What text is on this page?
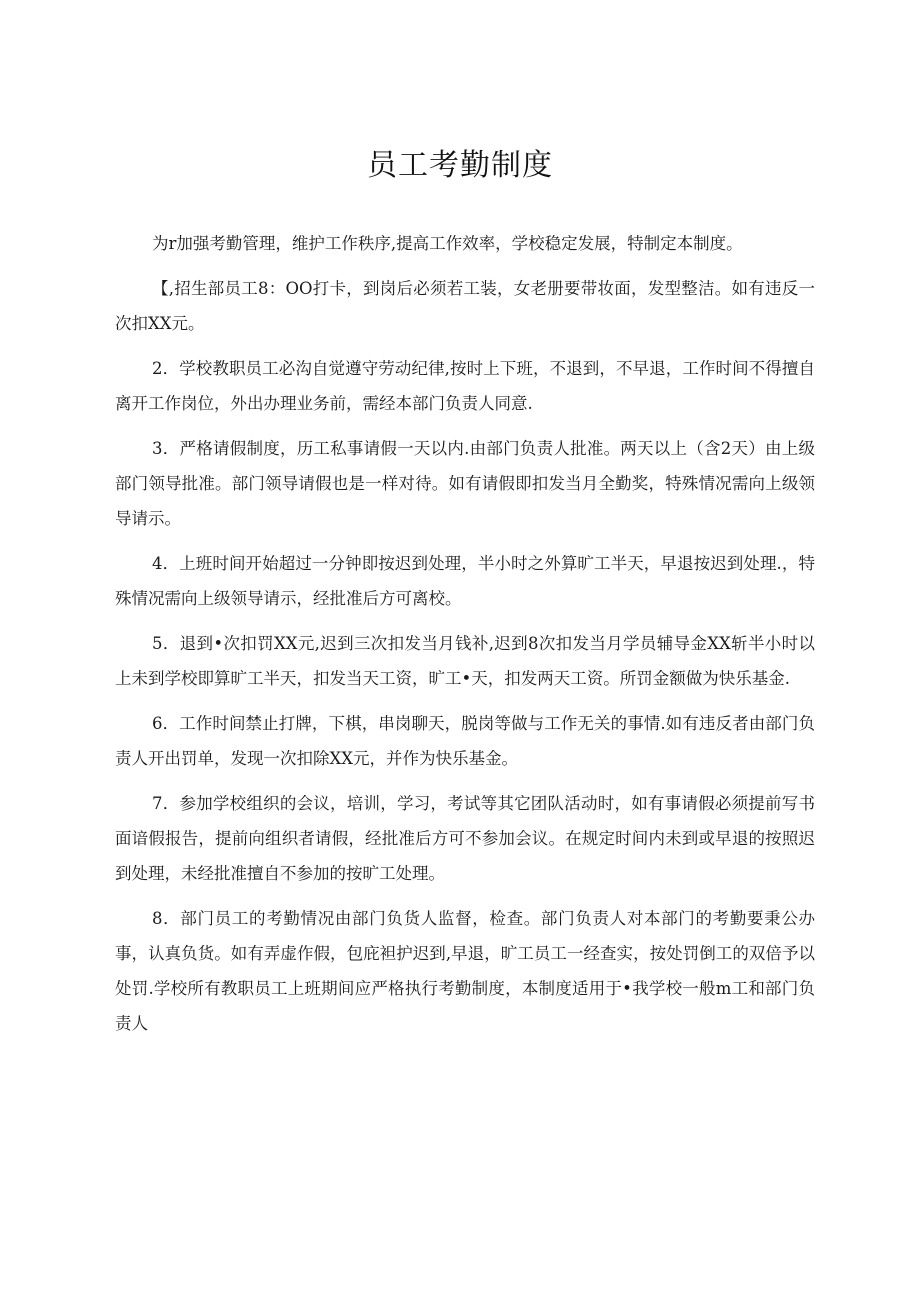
员工考勤制度

为r加强考勤管理，维护工作秩序,提高工作效率，学校稳定发展，特制定本制度。

【,招生部员工8：OO打卡，到岗后必须若工装，女老册要带妆面，发型整洁。如有违反一次扣XX元。

2．学校教职员工必沟自觉遵守劳动纪律,按时上下班，不退到，不早退，工作时间不得擅自离开工作岗位，外出办理业务前，需经本部门负责人同意.

3．严格请假制度，历工私事请假一天以内.由部门负责人批准。两天以上（含2天）由上级部门领导批准。部门领导请假也是一样对待。如有请假即扣发当月全勤奖，特殊情况需向上级领导请示。

4．上班时间开始超过一分钟即按迟到处理，半小时之外算旷工半天，早退按迟到处理.，特殊情况需向上级领导请示，经批准后方可离校。

5．退到•次扣罚XX元,迟到三次扣发当月钱补,迟到8次扣发当月学员辅导金XX斩半小时以上未到学校即算旷工半天，扣发当天工资，旷工•天，扣发两天工资。所罚金额做为快乐基金.

6．工作时间禁止打牌，下棋，串岗聊天，脱岗等做与工作无关的事情.如有违反者由部门负责人开出罚单，发现一次扣除XX元，并作为快乐基金。

7．参加学校组织的会议，培训，学习，考试等其它团队活动时，如有事请假必须提前写书面谙假报告，提前向组织者请假，经批准后方可不参加会议。在规定时间内未到或早退的按照迟到处理，未经批准擅自不参加的按旷工处理。

8．部门员工的考勤情况由部门负货人监督，检查。部门负责人对本部门的考勤要秉公办事，认真负货。如有弄虚作假，包庇袒护迟到,早退，旷工员工一经查实，按处罚倒工的双倍予以处罚.学校所有教职员工上班期间应严格执行考勤制度，本制度适用于•我学校一般m工和部门负责人
